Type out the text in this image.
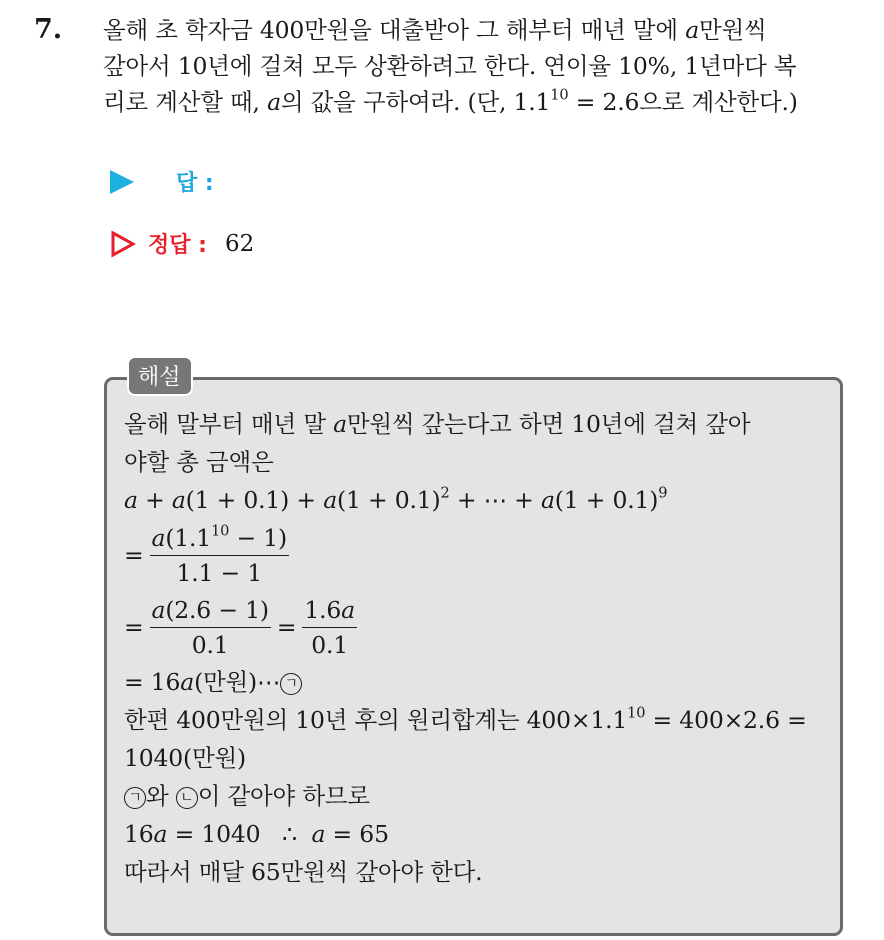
7. 올해 초 학자금 400만원을 대출받아 그 해부터 매년 말에 a만원씩
갚아서 10년에 걸쳐 모두 상환하려고 한다. 연이율 10%, 1년마다 복
리로 계산할 때, a의 값을 구하여라. (단, $1.1^{10} = 2.6$으로 계산한다.)
답 :
정답 : 62
해설
올해 말부터 매년 말 a만원씩 갚는다고 하면 10년에 걸쳐 갚아
야할 총 금액은
$a + a(1 + 0.1) + a(1 + 0.1)^2$ + ⋯ + $a(1 + 0.1)^9$
= $\frac{a(1.1^{10} - 1)}{1.1 - 1}$
= $\frac{a(2.6 - 1)}{0.1} = \frac{1.6a}{0.1}$
= 16a(만원)⋯ ㄱ
한편 400만원의 10년 후의 원리합계는 $400\times 1.1^{10} = 400\times 2.6$ =
1040(만원)
ㄱ 와 ㄴ 이 같아야 하므로
16a = 1040   ∴  a = 65
따라서 매달 65만원씩 갚아야 한다.
